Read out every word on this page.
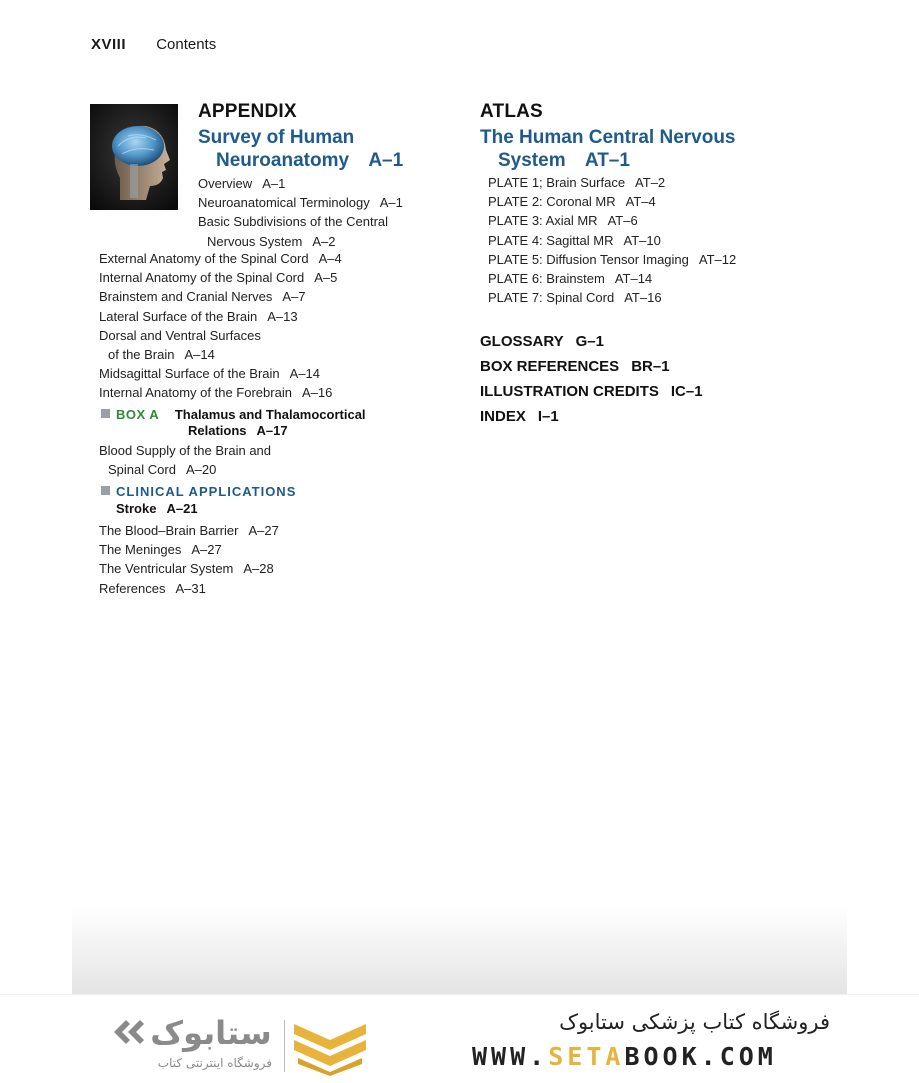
XVIII Contents
APPENDIX
Survey of Human
Neuroanatomy A–1
Overview A–1
Neuroanatomical Terminology A–1
Basic Subdivisions of the Central
Nervous System A–2
External Anatomy of the Spinal Cord A–4
Internal Anatomy of the Spinal Cord A–5
Brainstem and Cranial Nerves A–7
Lateral Surface of the Brain A–13
Dorsal and Ventral Surfaces
of the Brain A–14
Midsagittal Surface of the Brain A–14
Internal Anatomy of the Forebrain A–16
BOX A Thalamus and Thalamocortical
Relations A–17
Blood Supply of the Brain and
Spinal Cord A–20
CLINICAL APPLICATIONS
Stroke A–21
The Blood–Brain Barrier A–27
The Meninges A–27
The Ventricular System A–28
References A–31
ATLAS
The Human Central Nervous
System AT–1
PLATE 1; Brain Surface AT–2
PLATE 2: Coronal MR AT–4
PLATE 3: Axial MR AT–6
PLATE 4: Sagittal MR AT–10
PLATE 5: Diffusion Tensor Imaging AT–12
PLATE 6: Brainstem AT–14
PLATE 7: Spinal Cord AT–16
GLOSSARY G–1
BOX REFERENCES BR–1
ILLUSTRATION CREDITS IC–1
INDEX I–1
ستابوک
فروشگاه اینترنتی کتاب
فروشگاه کتاب پزشکی ستابوک
WWW.SETABOOK.COM
